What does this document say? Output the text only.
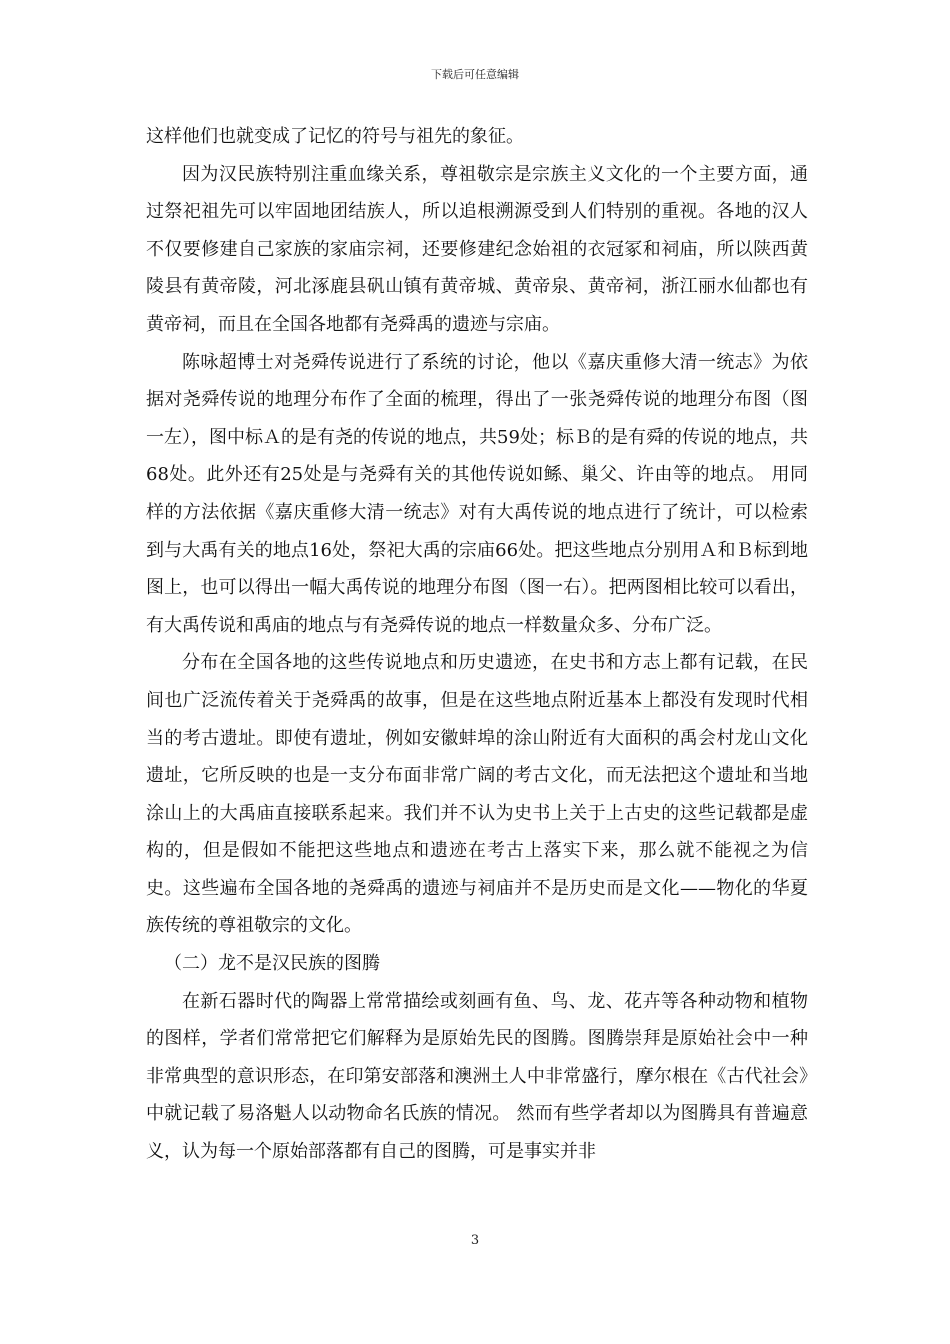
下载后可任意编辑

这样他们也就变成了记忆的符号与祖先的象征。

因为汉民族特别注重血缘关系，尊祖敬宗是宗族主义文化的一个主要方面，通过祭祀祖先可以牢固地团结族人，所以追根溯源受到人们特别的重视。各地的汉人不仅要修建自己家族的家庙宗祠，还要修建纪念始祖的衣冠冢和祠庙，所以陕西黄陵县有黄帝陵，河北涿鹿县矾山镇有黄帝城、黄帝泉、黄帝祠，浙江丽水仙都也有黄帝祠，而且在全国各地都有尧舜禹的遗迹与宗庙。

陈咏超博士对尧舜传说进行了系统的讨论，他以《嘉庆重修大清一统志》为依据对尧舜传说的地理分布作了全面的梳理，得出了一张尧舜传说的地理分布图（图一左），图中标Ａ的是有尧的传说的地点，共59处；标Ｂ的是有舜的传说的地点，共68处。此外还有25处是与尧舜有关的其他传说如鲧、巢父、许由等的地点。 用同样的方法依据《嘉庆重修大清一统志》对有大禹传说的地点进行了统计，可以检索到与大禹有关的地点16处，祭祀大禹的宗庙66处。把这些地点分别用Ａ和Ｂ标到地图上，也可以得出一幅大禹传说的地理分布图（图一右）。把两图相比较可以看出，有大禹传说和禹庙的地点与有尧舜传说的地点一样数量众多、分布广泛。

分布在全国各地的这些传说地点和历史遗迹，在史书和方志上都有记载，在民间也广泛流传着关于尧舜禹的故事，但是在这些地点附近基本上都没有发现时代相当的考古遗址。即使有遗址，例如安徽蚌埠的涂山附近有大面积的禹会村龙山文化遗址，它所反映的也是一支分布面非常广阔的考古文化，而无法把这个遗址和当地涂山上的大禹庙直接联系起来。我们并不认为史书上关于上古史的这些记载都是虚构的，但是假如不能把这些地点和遗迹在考古上落实下来，那么就不能视之为信史。这些遍布全国各地的尧舜禹的遗迹与祠庙并不是历史而是文化——物化的华夏族传统的尊祖敬宗的文化。

（二）龙不是汉民族的图腾

在新石器时代的陶器上常常描绘或刻画有鱼、鸟、龙、花卉等各种动物和植物的图样，学者们常常把它们解释为是原始先民的图腾。图腾崇拜是原始社会中一种非常典型的意识形态，在印第安部落和澳洲土人中非常盛行，摩尔根在《古代社会》中就记载了易洛魁人以动物命名氏族的情况。 然而有些学者却以为图腾具有普遍意义，认为每一个原始部落都有自己的图腾，可是事实并非

3
